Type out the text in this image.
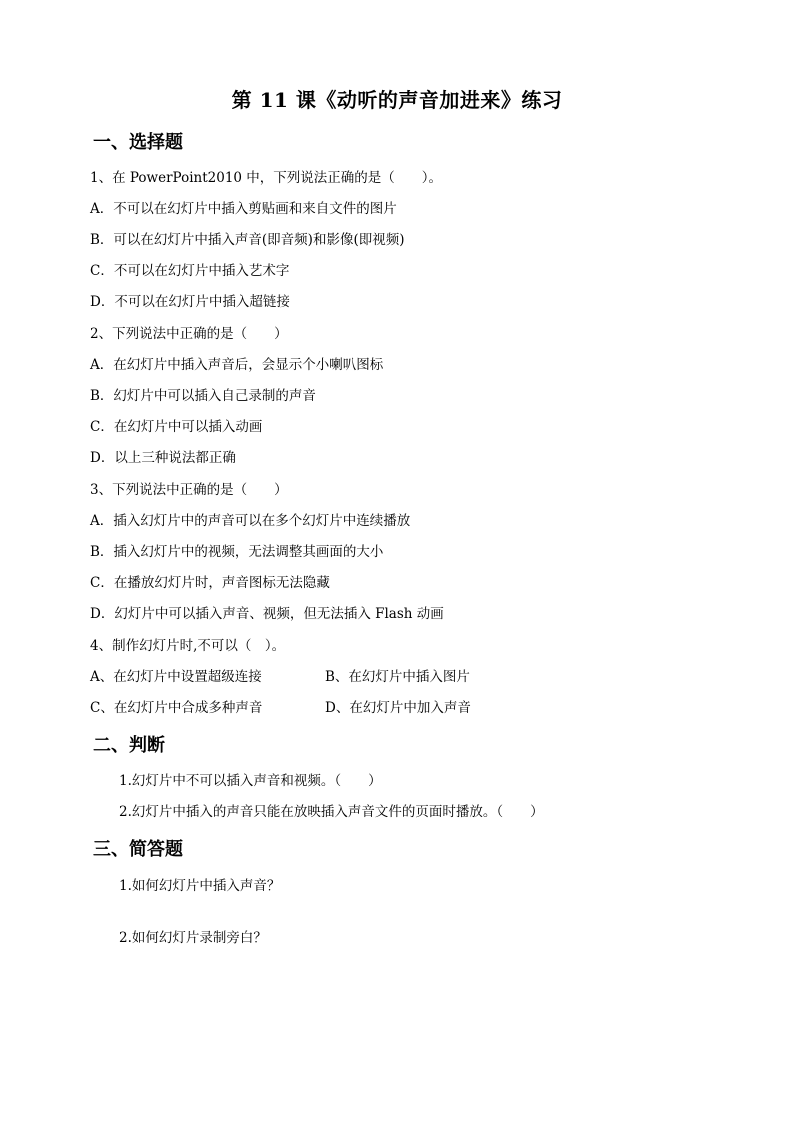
第 11 课《动听的声音加进来》练习
一、选择题
1、在 PowerPoint2010 中，下列说法正确的是（　　）。
A．不可以在幻灯片中插入剪贴画和来自文件的图片
B．可以在幻灯片中插入声音(即音频)和影像(即视频)
C．不可以在幻灯片中插入艺术字
D．不可以在幻灯片中插入超链接
2、下列说法中正确的是（　　）
A．在幻灯片中插入声音后，会显示个小喇叭图标
B．幻灯片中可以插入自己录制的声音
C．在幻灯片中可以插入动画
D．以上三种说法都正确
3、下列说法中正确的是（　　）
A．插入幻灯片中的声音可以在多个幻灯片中连续播放
B．插入幻灯片中的视频，无法调整其画面的大小
C．在播放幻灯片时，声音图标无法隐藏
D．幻灯片中可以插入声音、视频，但无法插入 Flash 动画
4、制作幻灯片时,不可以（　）。
A、在幻灯片中设置超级连接	B、在幻灯片中插入图片
C、在幻灯片中合成多种声音	D、在幻灯片中加入声音
二、判断
1.幻灯片中不可以插入声音和视频。（　　）
2.幻灯片中插入的声音只能在放映插入声音文件的页面时播放。（　　）
三、简答题
1.如何幻灯片中插入声音？
2.如何幻灯片录制旁白？
